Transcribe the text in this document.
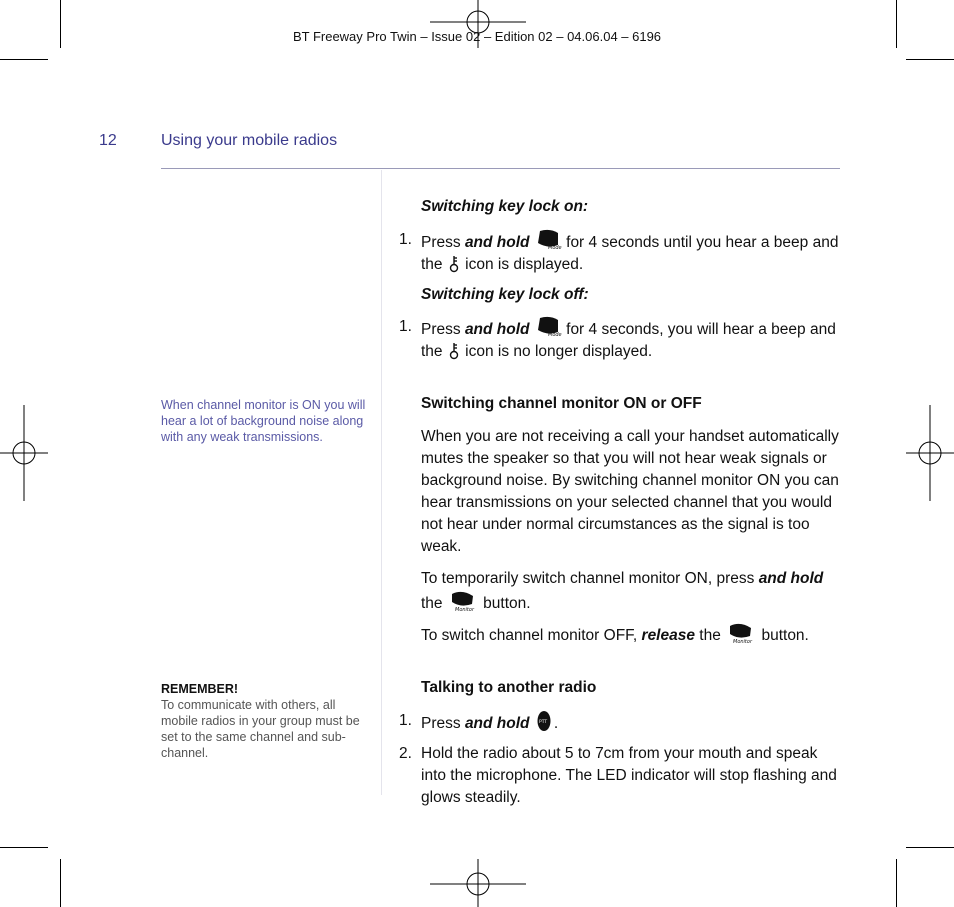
BT Freeway Pro Twin – Issue 02 – Edition 02 – 04.06.04 – 6196
12	Using your mobile radios
When channel monitor is ON you will hear a lot of background noise along with any weak transmissions.
REMEMBER!
To communicate with others, all mobile radios in your group must be set to the same channel and sub-channel.
Switching key lock on:
1. Press and hold	Mode for 4 seconds until you hear a beep and the  icon is displayed.
Switching key lock off:
1. Press and hold	Mode for 4 seconds, you will hear a beep and the  icon is no longer displayed.
Switching channel monitor ON or OFF
When you are not receiving a call your handset automatically mutes the speaker so that you will not hear weak signals or background noise. By switching channel monitor ON you can hear transmissions on your selected channel that you would not hear under normal circumstances as the signal is too weak.
To temporarily switch channel monitor ON, press and hold the Monitor button.
To switch channel monitor OFF, release the Monitor button.
Talking to another radio
1. Press and hold PTT .
2. Hold the radio about 5 to 7cm from your mouth and speak into the microphone. The LED indicator will stop flashing and glows steadily.
